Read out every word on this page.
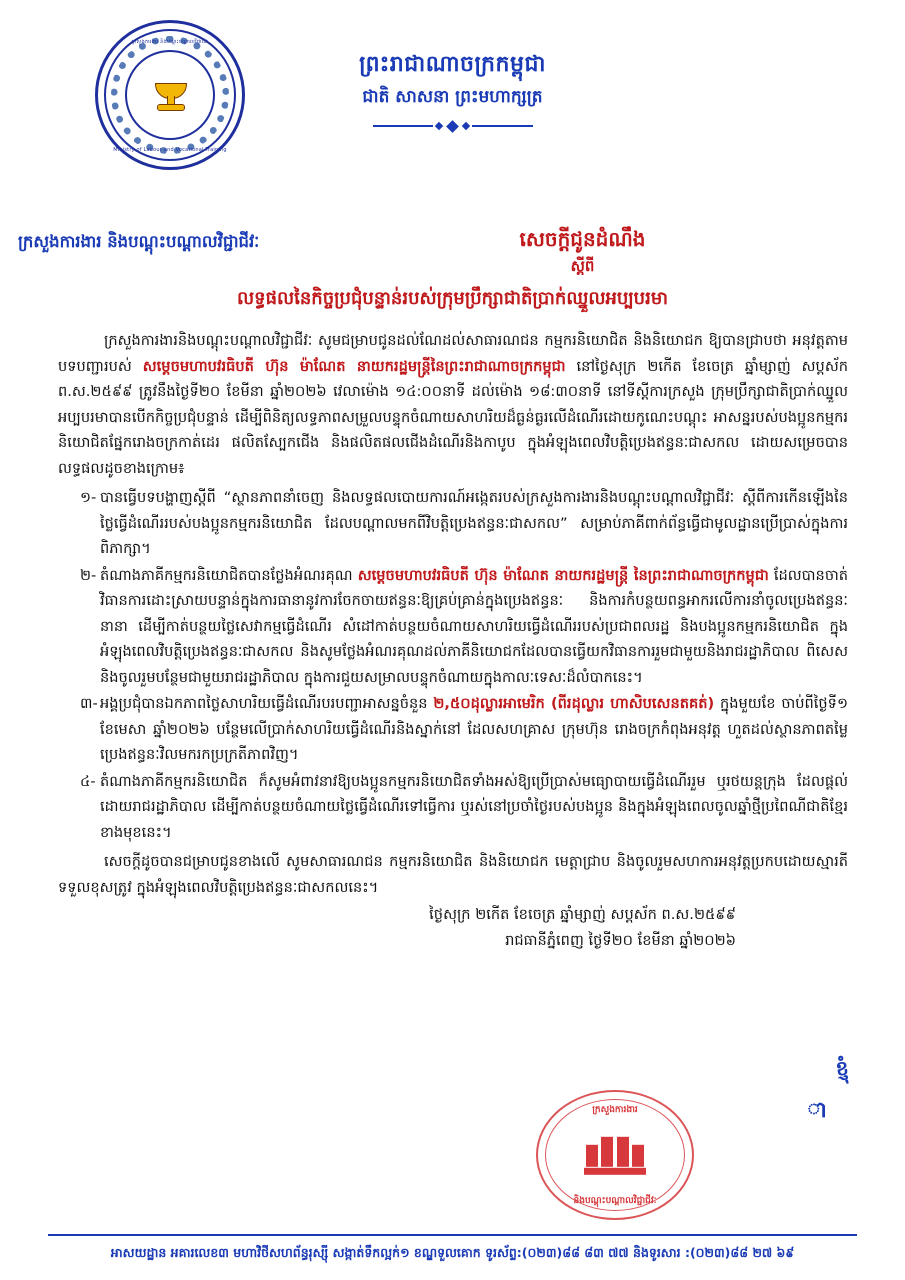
ក្រសួងការងារ និងបណ្តុះបណ្តាលវិជ្ជាជីវៈ
Ministry of Labour and Vocational Training
ព្រះរាជាណាចក្រកម្ពុជា
ជាតិ សាសនា ព្រះមហាក្សត្រ
ក្រសួងការងារ និងបណ្តុះបណ្តាលវិជ្ជាជីវៈ	សេចក្តីជូនដំណឹង
ស្តីពី
លទ្ធផលនៃកិច្ចប្រជុំបន្ទាន់របស់ក្រុមប្រឹក្សាជាតិប្រាក់ឈ្នួលអប្បបរមា
ក្រសួងការងារនិងបណ្តុះបណ្តាលវិជ្ជាជីវៈ សូមជម្រាបជូនដល់ណែដល់សាធារណជន កម្មករនិយោជិត និងនិយោជក ឱ្យបានជ្រាបថា អនុវត្តតាមបទបញ្ជារបស់ សម្តេចមហាបវរធិបតី ហ៊ុន ម៉ាណែត នាយករដ្ឋមន្ត្រីនៃព្រះរាជាណាចក្រកម្ពុជា នៅថ្ងៃសុក្រ ២កើត ខែចេត្រ ឆ្នាំម្សាញ់ សប្តស័ក ព.ស.២៥៩៩ ត្រូវនឹងថ្ងៃទី២០ ខែមីនា ឆ្នាំ២០២៦ វេលាម៉ោង ១៤:០០នាទី ដល់ម៉ោង ១៨:៣០នាទី នៅទីស្តីការក្រសួង ក្រុមប្រឹក្សាជាតិប្រាក់ឈ្នួលអប្បបរមាបានបើកកិច្ចប្រជុំបន្ទាន់ ដើម្បីពិនិត្យលទ្ធភាពសម្រួលបន្ទុកចំណាយសាហរិយដ៏ធ្ងន់ធ្ងរលើដំណើរដោយកូណេះបណ្តុះ អាសន្នរបស់បងប្អូនកម្មករនិយោជិតផ្នែករោងចក្រកាត់ដេរ ផលិតស្បែកជើង និងផលិតផលជើងដំណើរនិងកាបូប ក្នុងអំឡុងពេលវិបត្តិប្រេងឥន្ធនៈជាសកល ដោយសម្រេចបានលទ្ធផលដូចខាងក្រោម៖
១- បានធ្វើបទបង្ហាញស្តីពី “ស្ថានភាពនាំចេញ និងលទ្ធផលបោយការណ៍អង្កេតរបស់ក្រសួងការងារនិងបណ្តុះបណ្តាលវិជ្ជាជីវៈ ស្តីពីការកើនឡើងនៃថ្លៃធ្វើដំណើររបស់បងប្អូនកម្មករនិយោជិត ដែលបណ្តាលមកពីវិបត្តិប្រេងឥន្ធនៈជាសកល” សម្រាប់ភាគីពាក់ព័ន្ធធ្វើជាមូលដ្ឋានប្រើប្រាស់ក្នុងការពិភាក្សា។
២- តំណាងភាគីកម្មករនិយោជិតបានថ្លែងអំណរគុណ សម្តេចមហាបវរធិបតី ហ៊ុន ម៉ាណែត នាយករដ្ឋមន្ត្រី នៃព្រះរាជាណាចក្រកម្ពុជា ដែលបានចាត់វិធានការដោះស្រាយបន្ទាន់ក្នុងការធានានូវការចែកចាយឥន្ធនៈឱ្យគ្រប់គ្រាន់ក្នុងប្រេងឥន្ធនៈ និងការកំបន្ថយពន្ធអាករលើការនាំចូលប្រេងឥន្ធនៈ នានា ដើម្បីកាត់បន្ថយថ្លៃសេវាកម្មធ្វើដំណើរ សំដៅកាត់បន្ថយចំណាយសាហរិយធ្វើដំណើររបស់ប្រជាពលរដ្ឋ និងបងប្អូនកម្មករនិយោជិត ក្នុងអំឡុងពេលវិបត្តិប្រេងឥន្ធនៈជាសកល និងសូមថ្លែងអំណរគុណដល់ភាគីនិយោជកដែលបានធ្វើយកវិធានការរួមជាមួយនិងរាជរដ្ឋាភិបាល ពិសេស និងចូលរួមបន្ថែមជាមួយរាជរដ្ឋាភិបាល ក្នុងការជួយសម្រាលបន្ទុកចំណាយក្នុងកាលៈទេសៈដ៏លំបាកនេះ។
៣- អង្គប្រជុំបានឯកភាពថ្លៃសាហរិយធ្វើដំណើរបរបញ្ជាអាសន្នចំនួន ២,៥០ដុល្លារអាមេរិក (ពីរដុល្លារ ហាសិបសេនតគត់) ក្នុងមួយខែ ចាប់ពីថ្ងៃទី១ ខែមេសា ឆ្នាំ២០២៦ បន្ថែមលើប្រាក់សាហរិយធ្វើដំណើរនិងស្នាក់នៅ ដែលសហគ្រាស ក្រុមហ៊ុន រោងចក្រកំពុងអនុវត្ត ហួតដល់ស្ថានភាពតម្លៃប្រេងឥន្ធនៈវិលមករកប្រក្រតីភាពវិញ។
៤- តំណាងភាគីកម្មករនិយោជិត ក៏សូមអំពាវនាវឱ្យបងប្អូនកម្មករនិយោជិតទាំងអស់ឱ្យប្រើប្រាស់មធ្យោបាយធ្វើដំណើររួម ឬរថយន្តក្រុង ដែលផ្តល់ដោយរាជរដ្ឋាភិបាល ដើម្បីកាត់បន្ថយចំណាយថ្លៃធ្វើដំណើរទៅធ្វើការ ឬរស់នៅប្រចាំថ្ងៃរបស់បងប្អូន និងក្នុងអំឡុងពេលចូលឆ្នាំថ្មីប្រពៃណីជាតិខ្មែរខាងមុខនេះ។
សេចក្តីដូចបានជម្រាបជូនខាងលើ សូមសាធារណជន កម្មករនិយោជិត និងនិយោជក មេត្តាជ្រាប និងចូលរួមសហការអនុវត្តប្រកបដោយស្មារតីទទួលខុសត្រូវ ក្នុងអំឡុងពេលវិបត្តិប្រេងឥន្ធនៈជាសកលនេះ។
ថ្ងៃសុក្រ ២កើត ខែចេត្រ ឆ្នាំម្សាញ់ សប្តស័ក ព.ស.២៥៩៩
រាជធានីភ្នំពេញ ថ្ងៃទី២០ ខែមីនា ឆ្នាំ២០២៦
ខ្ញុំ
ា
ក្រសួងការងារ
និងបណ្តុះបណ្តាលវិជ្ជាជីវៈ
អាសយដ្ឋាន អគារលេខ៣ មហាវិថីសហព័ន្ធរុស្ស៊ី សង្កាត់ទឹកល្អក់១ ខណ្ឌទួលគោក ទូរស័ព្ទ:(០២៣)៨៨ ៨៣ ៧៧ និងទូរសារ :(០២៣)៨៨ ២៧ ៦៩
